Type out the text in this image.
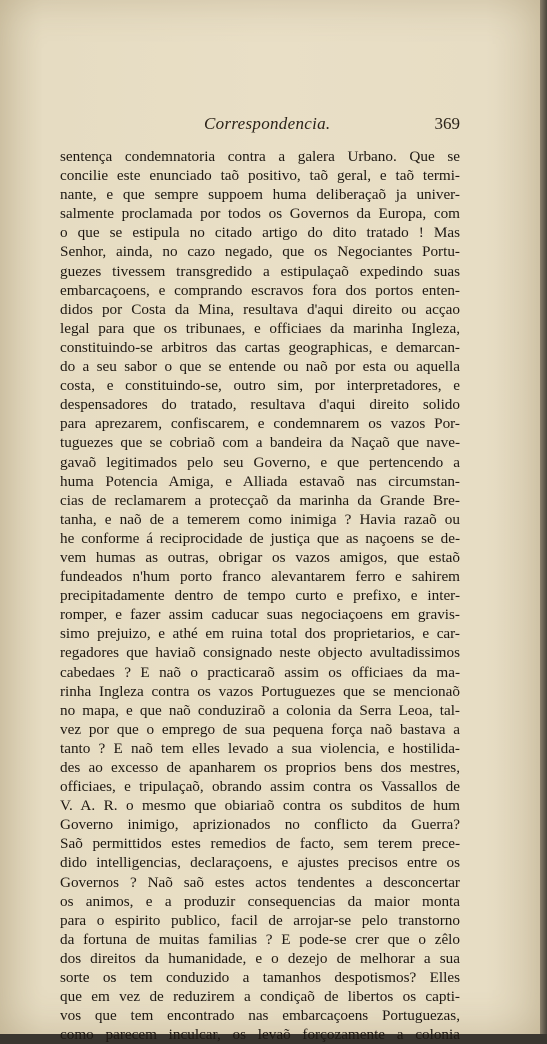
Correspondencia.	369
sentença condemnatoria contra a galera Urbano. Que se
concilie este enunciado taõ positivo, taõ geral, e taõ termi-
nante, e que sempre suppoem huma deliberaçaõ ja univer-
salmente proclamada por todos os Governos da Europa, com
o que se estipula no citado artigo do dito tratado ! Mas
Senhor, ainda, no cazo negado, que os Negociantes Portu-
guezes tivessem transgredido a estipulaçaõ expedindo suas
embarcaçoens, e comprando escravos fora dos portos enten-
didos por Costa da Mina, resultava d'aqui direito ou acçao
legal para que os tribunaes, e officiaes da marinha Ingleza,
constituindo-se arbitros das cartas geographicas, e demarcan-
do a seu sabor o que se entende ou naõ por esta ou aquella
costa, e constituindo-se, outro sim, por interpretadores, e
despensadores do tratado, resultava d'aqui direito solido
para aprezarem, confiscarem, e condemnarem os vazos Por-
tuguezes que se cobriaõ com a bandeira da Naçaõ que nave-
gavaõ legitimados pelo seu Governo, e que pertencendo a
huma Potencia Amiga, e Alliada estavaõ nas circumstan-
cias de reclamarem a protecçaõ da marinha da Grande Bre-
tanha, e naõ de a temerem como inimiga ? Havia razaõ ou
he conforme á reciprocidade de justiça que as naçoens se de-
vem humas as outras, obrigar os vazos amigos, que estaõ
fundeados n'hum porto franco alevantarem ferro e sahirem
precipitadamente dentro de tempo curto e prefixo, e inter-
romper, e fazer assim caducar suas negociaçoens em gravis-
simo prejuizo, e athé em ruina total dos proprietarios, e car-
regadores que haviaõ consignado neste objecto avultadissimos
cabedaes ? E naõ o practicaraõ assim os officiaes da ma-
rinha Ingleza contra os vazos Portuguezes que se mencionaõ
no mapa, e que naõ conduziraõ a colonia da Serra Leoa, tal-
vez por que o emprego de sua pequena força naõ bastava a
tanto ? E naõ tem elles levado a sua violencia, e hostilida-
des ao excesso de apanharem os proprios bens dos mestres,
officiaes, e tripulaçaõ, obrando assim contra os Vassallos de
V. A. R. o mesmo que obiariaõ contra os subditos de hum
Governo inimigo, aprizionados no conflicto da Guerra?
Saõ permittidos estes remedios de facto, sem terem prece-
dido intelligencias, declaraçoens, e ajustes precisos entre os
Governos ? Naõ saõ estes actos tendentes a desconcertar
os animos, e a produzir consequencias da maior monta
para o espirito publico, facil de arrojar-se pelo transtorno
da fortuna de muitas familias ? E pode-se crer que o zêlo
dos direitos da humanidade, e o dezejo de melhorar a sua
sorte os tem conduzido a tamanhos despotismos? Elles
que em vez de reduzirem a condiçaõ de libertos os capti-
vos que tem encontrado nas embarcaçoens Portuguezas,
como parecem inculcar, os levaõ forçozamente a colonia
